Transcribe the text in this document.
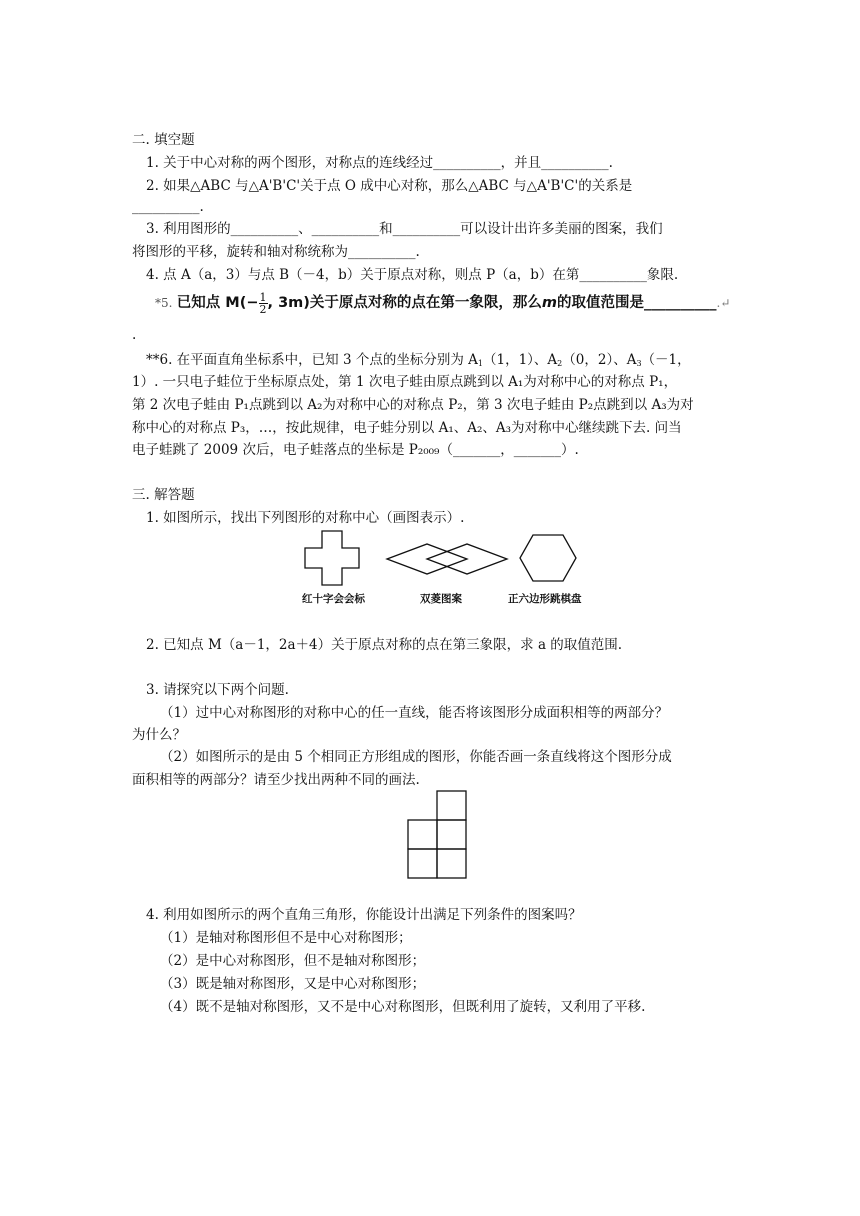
二. 填空题
1. 关于中心对称的两个图形，对称点的连线经过__________，并且__________.
2. 如果△ABC 与△A'B'C'关于点 O 成中心对称，那么△ABC 与△A'B'C'的关系是
__________.
3. 利用图形的__________、__________和__________可以设计出许多美丽的图案，我们
将图形的平移，旋转和轴对称统称为__________.
4. 点 A（a，3）与点 B（－4，b）关于原点对称，则点 P（a，b）在第__________象限.
*5. 已知点 $M(- \frac{1}{2}$ , 3m)关于原点对称的点在第一象限，那么m的取值范围是__________.↵
.
**6. 在平面直角坐标系中，已知 3 个点的坐标分别为 $A_1(1$，1）、$A_2(0$，2）、$A_3(-1$，
1）. 一只电子蛙位于坐标原点处，第 1 次电子蛙由原点跳到以 A₁为对称中心的对称点 P₁，
第 2 次电子蛙由 P₁点跳到以 A₂为对称中心的对称点 P₂，第 3 次电子蛙由 P₂点跳到以 A₃为对
称中心的对称点 P₃，…，按此规律，电子蛙分别以 A₁、A₂、A₃为对称中心继续跳下去. 问当
电子蛙跳了 2009 次后，电子蛙落点的坐标是 P₂₀₀₉（_______，_______）.
三. 解答题
1. 如图所示，找出下列图形的对称中心（画图表示）.
红十字会会标	双菱图案	正六边形跳棋盘
2. 已知点 M（a－1，2a＋4）关于原点对称的点在第三象限，求 a 的取值范围.
3. 请探究以下两个问题.
（1）过中心对称图形的对称中心的任一直线，能否将该图形分成面积相等的两部分？
为什么？
（2）如图所示的是由 5 个相同正方形组成的图形，你能否画一条直线将这个图形分成
面积相等的两部分？请至少找出两种不同的画法.
4. 利用如图所示的两个直角三角形，你能设计出满足下列条件的图案吗？
（1）是轴对称图形但不是中心对称图形；
（2）是中心对称图形，但不是轴对称图形；
（3）既是轴对称图形，又是中心对称图形；
（4）既不是轴对称图形，又不是中心对称图形，但既利用了旋转，又利用了平移.
